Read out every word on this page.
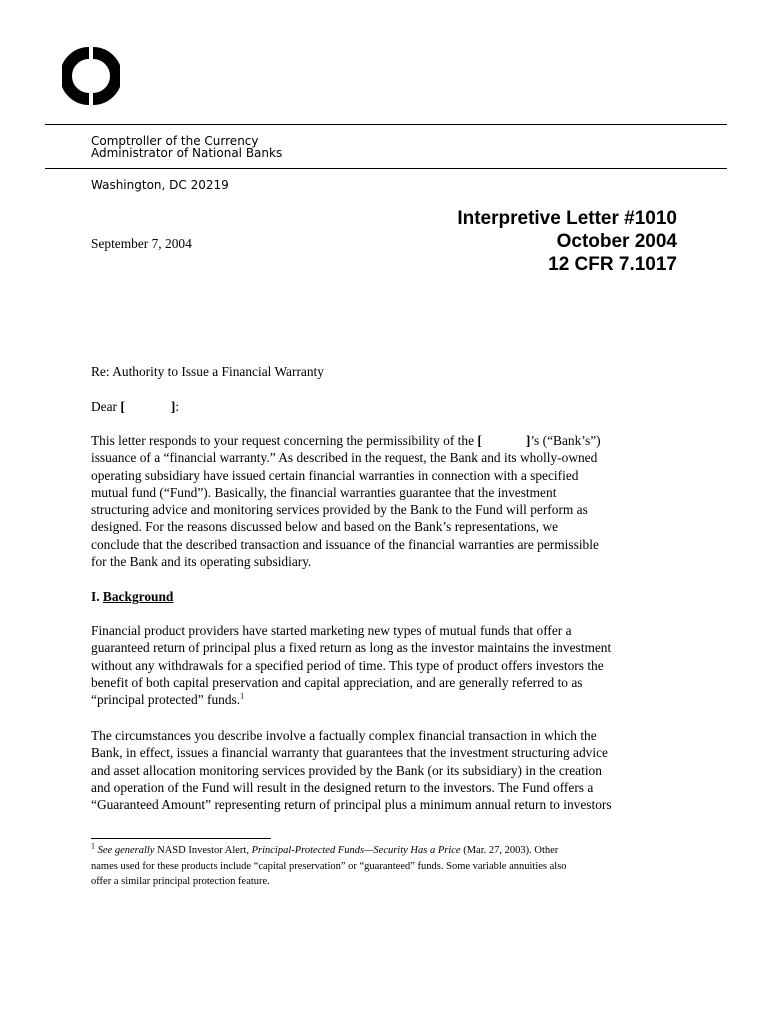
Comptroller of the Currency
Administrator of National Banks
Washington, DC 20219
Interpretive Letter #1010
October 2004
12 CFR 7.1017
September 7, 2004
Re: Authority to Issue a Financial Warranty
Dear [	]:
This letter responds to your request concerning the permissibility of the [	]’s (“Bank’s”)
issuance of a “financial warranty.” As described in the request, the Bank and its wholly-owned
operating subsidiary have issued certain financial warranties in connection with a specified
mutual fund (“Fund”). Basically, the financial warranties guarantee that the investment
structuring advice and monitoring services provided by the Bank to the Fund will perform as
designed. For the reasons discussed below and based on the Bank’s representations, we
conclude that the described transaction and issuance of the financial warranties are permissible
for the Bank and its operating subsidiary.
I. Background
Financial product providers have started marketing new types of mutual funds that offer a
guaranteed return of principal plus a fixed return as long as the investor maintains the investment
without any withdrawals for a specified period of time. This type of product offers investors the
benefit of both capital preservation and capital appreciation, and are generally referred to as
“principal protected” funds.$^1$
The circumstances you describe involve a factually complex financial transaction in which the
Bank, in effect, issues a financial warranty that guarantees that the investment structuring advice
and asset allocation monitoring services provided by the Bank (or its subsidiary) in the creation
and operation of the Fund will result in the designed return to the investors. The Fund offers a
“Guaranteed Amount” representing return of principal plus a minimum annual return to investors
$^1$ See generally NASD Investor Alert, Principal-Protected Funds—Security Has a Price (Mar. 27, 2003). Other
names used for these products include “capital preservation” or “guaranteed” funds. Some variable annuities also
offer a similar principal protection feature.
